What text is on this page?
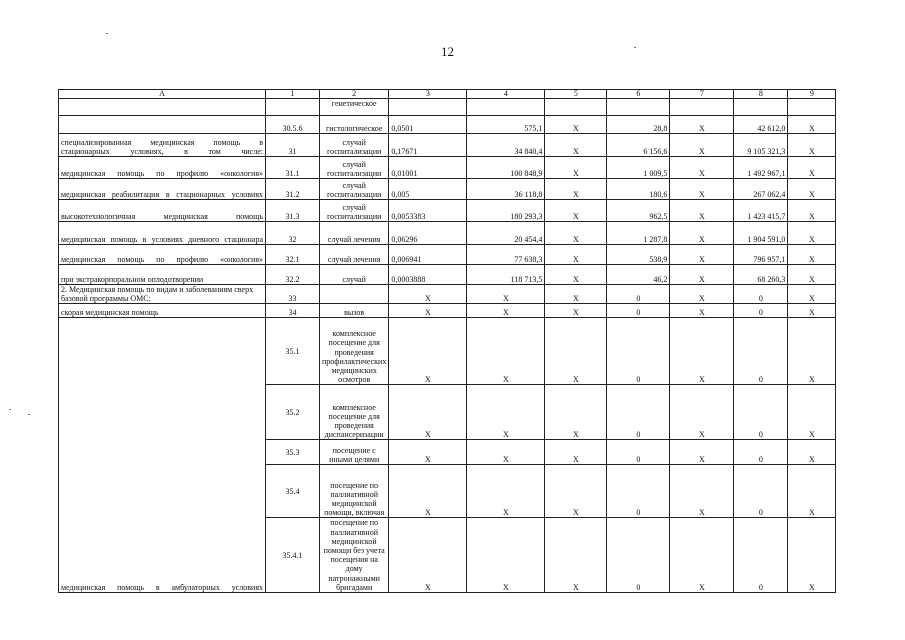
12
А	1	2	3	4	5	6	7	8	9
		генетическое							
	30.5.6	гистологическое	0,0501	575,1	Х	28,8	Х	42 612,0	Х
специализированная медицинская помощь в стационарных условиях, в том числе:	31	случай госпитализации	0,17671	34 840,4	Х	6 156,6	Х	9 105 321,3	Х
медицинская помощь по профилю «онкология»	31.1	случай госпитализации	0,01001	100 848,9	Х	1 009,5	Х	1 492 967,1	Х
медицинская реабилитация в стационарных условиях	31.2	случай госпитализации	0,005	36 118,8	Х	180,6	Х	267 062,4	Х
высокотехнологичная медицинская помощь	31.3	случай госпитализации	0,0053383	180 293,3	Х	962,5	Х	1 423 415,7	Х
медицинская помощь в условиях дневного стационара	32	случай лечения	0,06296	20 454,4	Х	1 287,8	Х	1 904 591,0	Х
медицинская помощь по профилю «онкология»	32.1	случай лечения	0,006941	77 638,3	Х	538,9	Х	796 957,1	Х
при экстракорпоральном оплодотворении	32.2	случай	0,0003888	118 713,5	Х	46,2	Х	68 260,3	Х
2. Медицинская помощь по видам и заболеваниям сверх базовой программы ОМС:	33		Х	Х	Х	0	Х	0	Х
скорая медицинская помощь	34	вызов	Х	Х	Х	0	Х	0	Х
медицинская помощь в амбулаторных условиях	35.1	комплексное посещение для проведения профилактических медицинских осмотров	Х	Х	Х	0	Х	0	Х
	35.2	комплексное посещение для проведения диспансеризации	Х	Х	Х	0	Х	0	Х
	35.3	посещение с иными целями	Х	Х	Х	0	Х	0	Х
	35.4	посещение по паллиативной медицинской помощи, включая	Х	Х	Х	0	Х	0	Х
	35.4.1	посещение по паллиативной медицинской помощи без учета посещения на дому патронажными бригадами	Х	Х	Х	0	Х	0	Х
